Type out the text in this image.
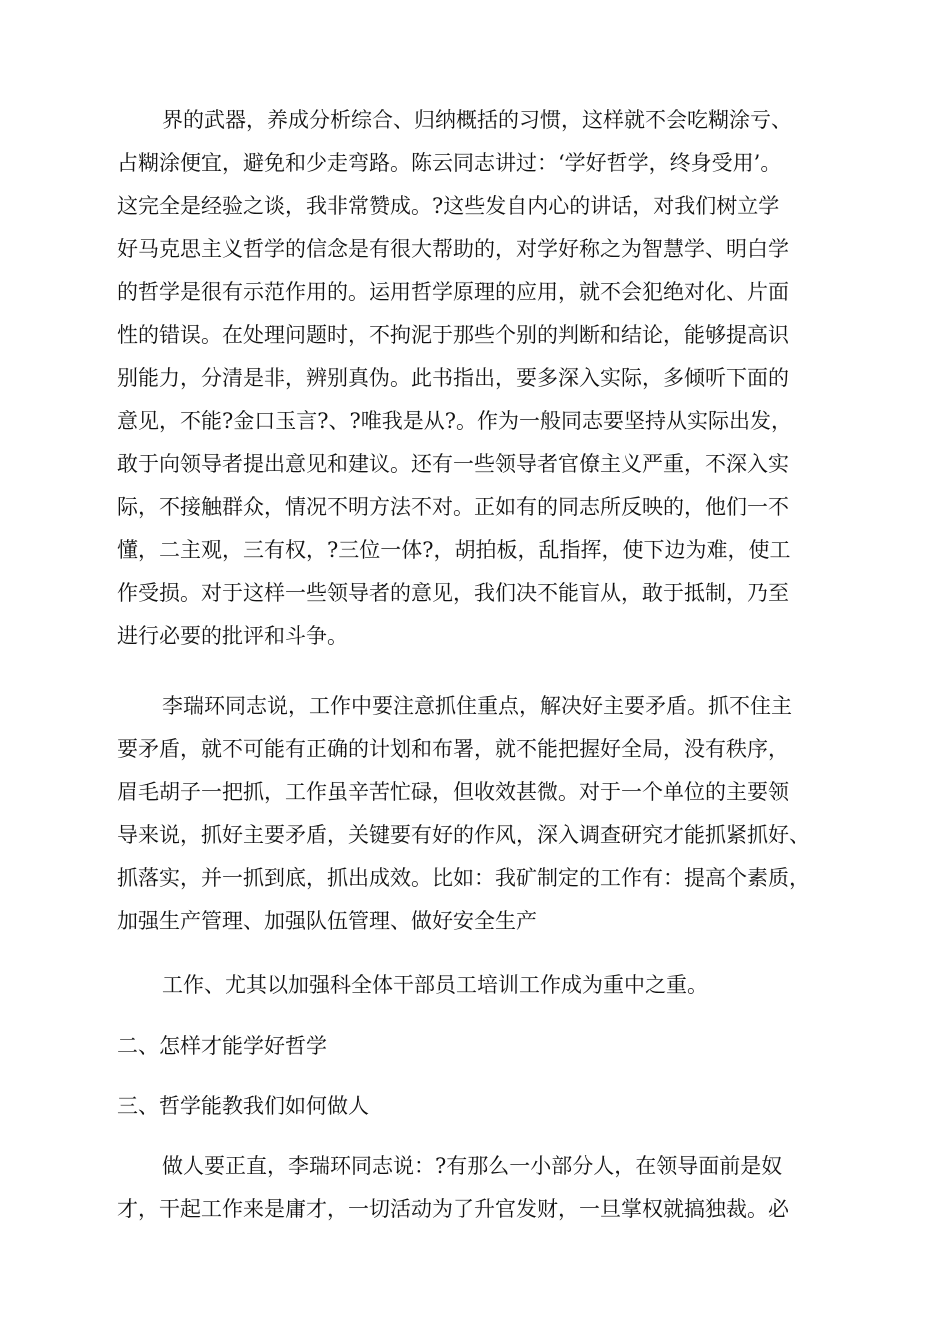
界的武器，养成分析综合、归纳概括的习惯，这样就不会吃糊涂亏、
占糊涂便宜，避免和少走弯路。陈云同志讲过：‘学好哲学，终身受用’。
这完全是经验之谈，我非常赞成。?这些发自内心的讲话，对我们树立学
好马克思主义哲学的信念是有很大帮助的，对学好称之为智慧学、明白学
的哲学是很有示范作用的。运用哲学原理的应用，就不会犯绝对化、片面
性的错误。在处理问题时，不拘泥于那些个别的判断和结论，能够提高识
别能力，分清是非，辨别真伪。此书指出，要多深入实际，多倾听下面的
意见，不能?金口玉言?、?唯我是从?。作为一般同志要坚持从实际出发，
敢于向领导者提出意见和建议。还有一些领导者官僚主义严重，不深入实
际，不接触群众，情况不明方法不对。正如有的同志所反映的，他们一不
懂，二主观，三有权，?三位一体?，胡拍板，乱指挥，使下边为难，使工
作受损。对于这样一些领导者的意见，我们决不能盲从，敢于抵制，乃至
进行必要的批评和斗争。
李瑞环同志说，工作中要注意抓住重点，解决好主要矛盾。抓不住主
要矛盾，就不可能有正确的计划和布署，就不能把握好全局，没有秩序，
眉毛胡子一把抓，工作虽辛苦忙碌，但收效甚微。对于一个单位的主要领
导来说，抓好主要矛盾，关键要有好的作风，深入调查研究才能抓紧抓好、
抓落实，并一抓到底，抓出成效。比如：我矿制定的工作有：提高个素质，
加强生产管理、加强队伍管理、做好安全生产
工作、尤其以加强科全体干部员工培训工作成为重中之重。
二、怎样才能学好哲学
三、哲学能教我们如何做人
做人要正直，李瑞环同志说：?有那么一小部分人，在领导面前是奴
才，干起工作来是庸才，一切活动为了升官发财，一旦掌权就搞独裁。必
